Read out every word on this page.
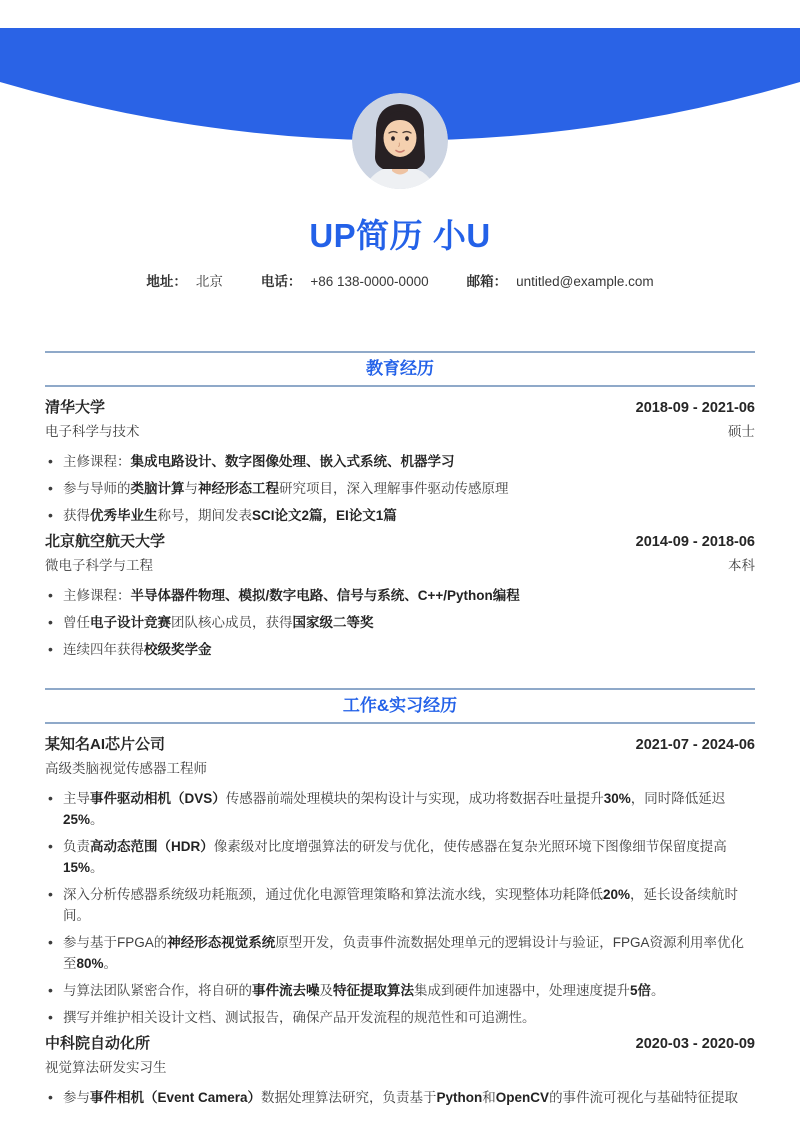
UP简历 小U
地址： 北京	电话： +86 138-0000-0000	邮箱： untitled@example.com
教育经历
清华大学	2018-09 - 2021-06
电子科学与技术	硕士
• 主修课程：集成电路设计、数字图像处理、嵌入式系统、机器学习
• 参与导师的类脑计算与神经形态工程研究项目，深入理解事件驱动传感原理
• 获得优秀毕业生称号，期间发表SCI论文2篇，EI论文1篇
北京航空航天大学	2014-09 - 2018-06
微电子科学与工程	本科
• 主修课程：半导体器件物理、模拟/数字电路、信号与系统、C++/Python编程
• 曾任电子设计竞赛团队核心成员，获得国家级二等奖
• 连续四年获得校级奖学金
工作&实习经历
某知名AI芯片公司	2021-07 - 2024-06
高级类脑视觉传感器工程师
• 主导事件驱动相机（DVS）传感器前端处理模块的架构设计与实现，成功将数据吞吐量提升30%，同时降低延迟25%。
• 负责高动态范围（HDR）像素级对比度增强算法的研发与优化，使传感器在复杂光照环境下图像细节保留度提高15%。
• 深入分析传感器系统级功耗瓶颈，通过优化电源管理策略和算法流水线，实现整体功耗降低20%，延长设备续航时间。
• 参与基于FPGA的神经形态视觉系统原型开发，负责事件流数据处理单元的逻辑设计与验证，FPGA资源利用率优化至80%。
• 与算法团队紧密合作，将自研的事件流去噪及特征提取算法集成到硬件加速器中，处理速度提升5倍。
• 撰写并维护相关设计文档、测试报告，确保产品开发流程的规范性和可追溯性。
中科院自动化所	2020-03 - 2020-09
视觉算法研发实习生
• 参与事件相机（Event Camera）数据处理算法研究，负责基于Python和OpenCV的事件流可视化与基础特征提取
